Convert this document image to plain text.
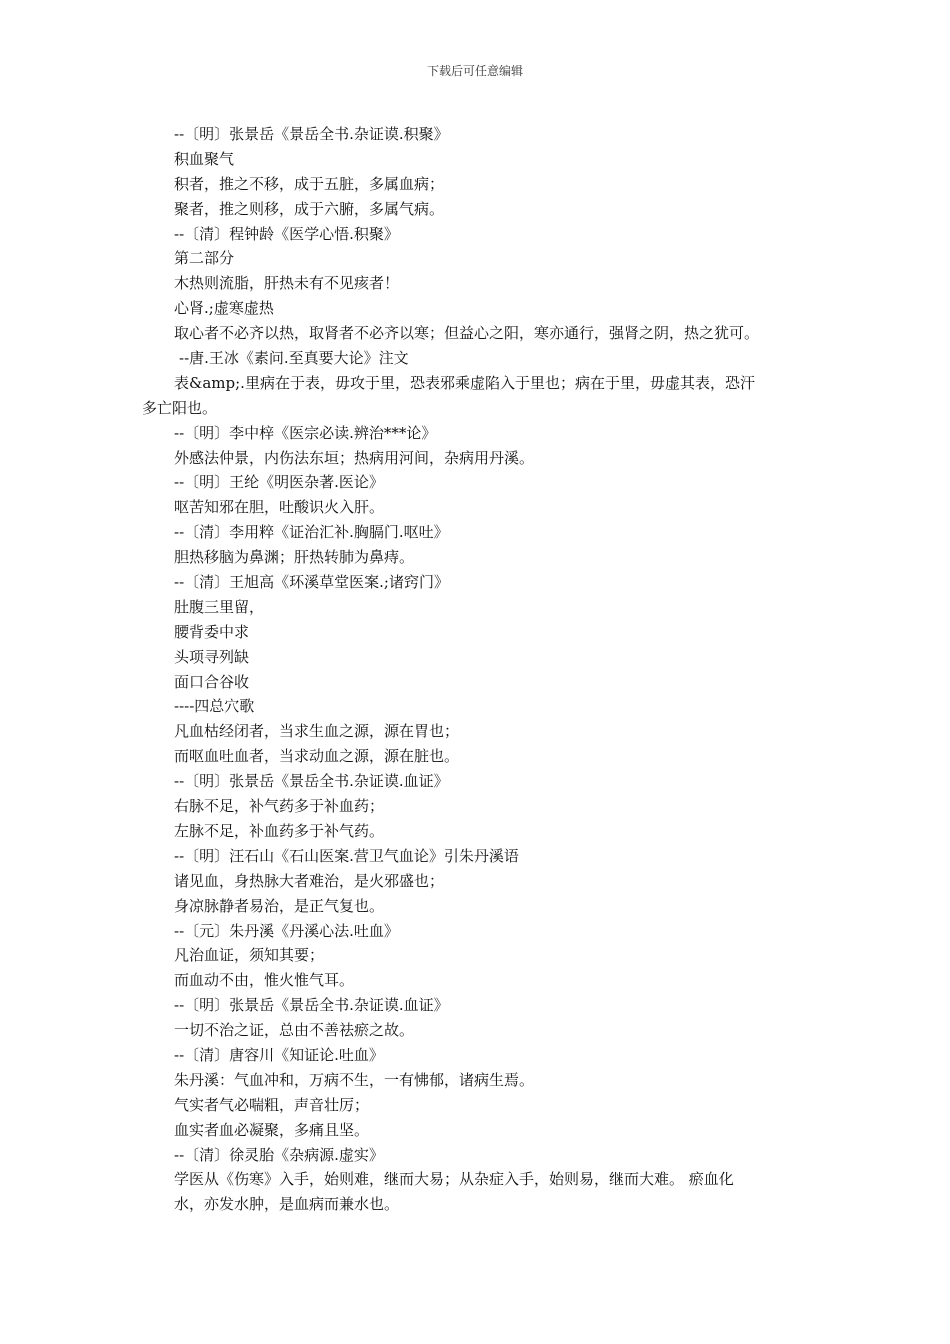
下载后可任意编辑
--〔明〕张景岳《景岳全书.杂证谟.积聚》
积血聚气
积者，推之不移，成于五脏，多属血病；
聚者，推之则移，成于六腑，多属气病。
--〔清〕程钟龄《医学心悟.积聚》
第二部分
木热则流脂，肝热未有不见痎者！
心肾.;虚寒虚热
取心者不必齐以热，取肾者不必齐以寒；但益心之阳，寒亦通行，强肾之阴，热之犹可。
--唐.王冰《素问.至真要大论》注文
表&amp;.里病在于表，毋攻于里，恐表邪乘虚陷入于里也；病在于里，毋虚其表，恐汗
多亡阳也。
--〔明〕李中梓《医宗必读.辨治***论》
外感法仲景，内伤法东垣；热病用河间，杂病用丹溪。
--〔明〕王纶《明医杂著.医论》
呕苦知邪在胆，吐酸识火入肝。
--〔清〕李用粹《证治汇补.胸膈门.呕吐》
胆热移脑为鼻渊；肝热转肺为鼻痔。
--〔清〕王旭高《环溪草堂医案.;诸窍门》
肚腹三里留，
腰背委中求
头项寻列缺
面口合谷收
----四总穴歌
凡血枯经闭者，当求生血之源，源在胃也；
而呕血吐血者，当求动血之源，源在脏也。
--〔明〕张景岳《景岳全书.杂证谟.血证》
右脉不足，补气药多于补血药；
左脉不足，补血药多于补气药。
--〔明〕汪石山《石山医案.营卫气血论》引朱丹溪语
诸见血，身热脉大者难治，是火邪盛也；
身凉脉静者易治，是正气复也。
--〔元〕朱丹溪《丹溪心法.吐血》
凡治血证，须知其要；
而血动不由，惟火惟气耳。
--〔明〕张景岳《景岳全书.杂证谟.血证》
一切不治之证，总由不善祛瘀之故。
--〔清〕唐容川《知证论.吐血》
朱丹溪：气血冲和，万病不生，一有怫郁，诸病生焉。
气实者气必喘粗，声音壮厉；
血实者血必凝聚，多痛且坚。
--〔清〕徐灵胎《杂病源.虚实》
学医从《伤寒》入手，始则难，继而大易；从杂症入手，始则易，继而大难。 瘀血化
水，亦发水肿，是血病而兼水也。
